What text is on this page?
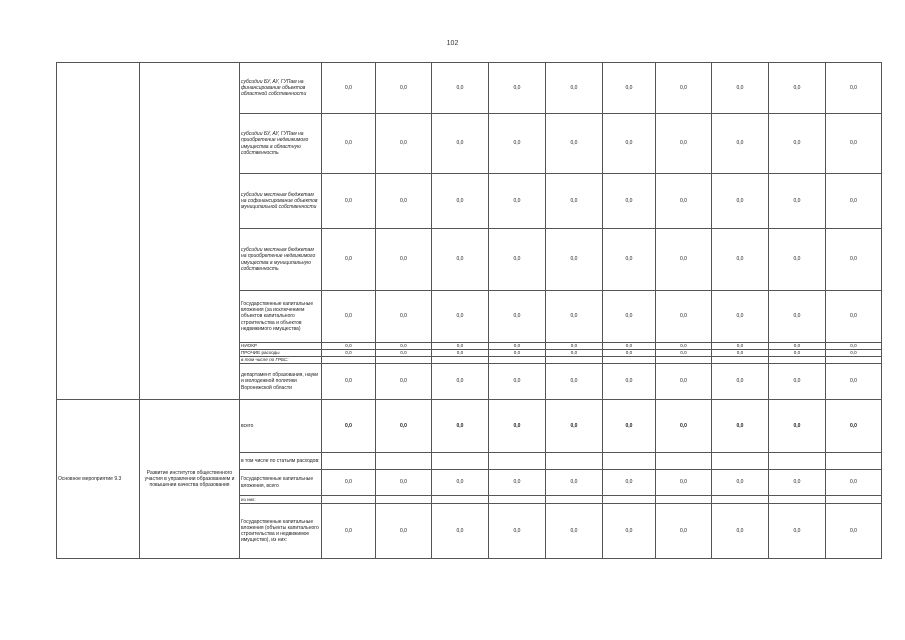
102
		субсидии БУ, АУ, ГУПам на финансирование объектов областной собственности	0,0	0,0	0,0	0,0	0,0	0,0	0,0	0,0	0,0	0,0
		субсидии БУ, АУ, ГУПам на приобретение недвижимого имущества в областную собственность	0,0	0,0	0,0	0,0	0,0	0,0	0,0	0,0	0,0	0,0
		субсидии местным бюджетам на софинансирование объектов муниципальной собственности	0,0	0,0	0,0	0,0	0,0	0,0	0,0	0,0	0,0	0,0
		субсидии местным бюджетам на приобретение недвижимого имущества в муниципальную собственность	0,0	0,0	0,0	0,0	0,0	0,0	0,0	0,0	0,0	0,0
		Государственные капитальные вложения (за исключением объектов капитального строительства и объектов недвижимого имущества)	0,0	0,0	0,0	0,0	0,0	0,0	0,0	0,0	0,0	0,0
		НИОКР	0,0	0,0	0,0	0,0	0,0	0,0	0,0	0,0	0,0	0,0
		ПРОЧИЕ расходы	0,0	0,0	0,0	0,0	0,0	0,0	0,0	0,0	0,0	0,0
		в том числе по ГРБС:										
		департамент образования, науки и молодежной политики Воронежской области	0,0	0,0	0,0	0,0	0,0	0,0	0,0	0,0	0,0	0,0
Основное мероприятие 9.3	Развитие институтов общественного участия в управлении образованием и повышении качества образования	всего	0,0	0,0	0,0	0,0	0,0	0,0	0,0	0,0	0,0	0,0
		в том числе по статьям расходов:										
		Государственные капитальные вложения, всего	0,0	0,0	0,0	0,0	0,0	0,0	0,0	0,0	0,0	0,0
		из них:										
		Государственные капитальные вложения (объекты капитального строительства и недвижимое имущество), из них:	0,0	0,0	0,0	0,0	0,0	0,0	0,0	0,0	0,0	0,0
